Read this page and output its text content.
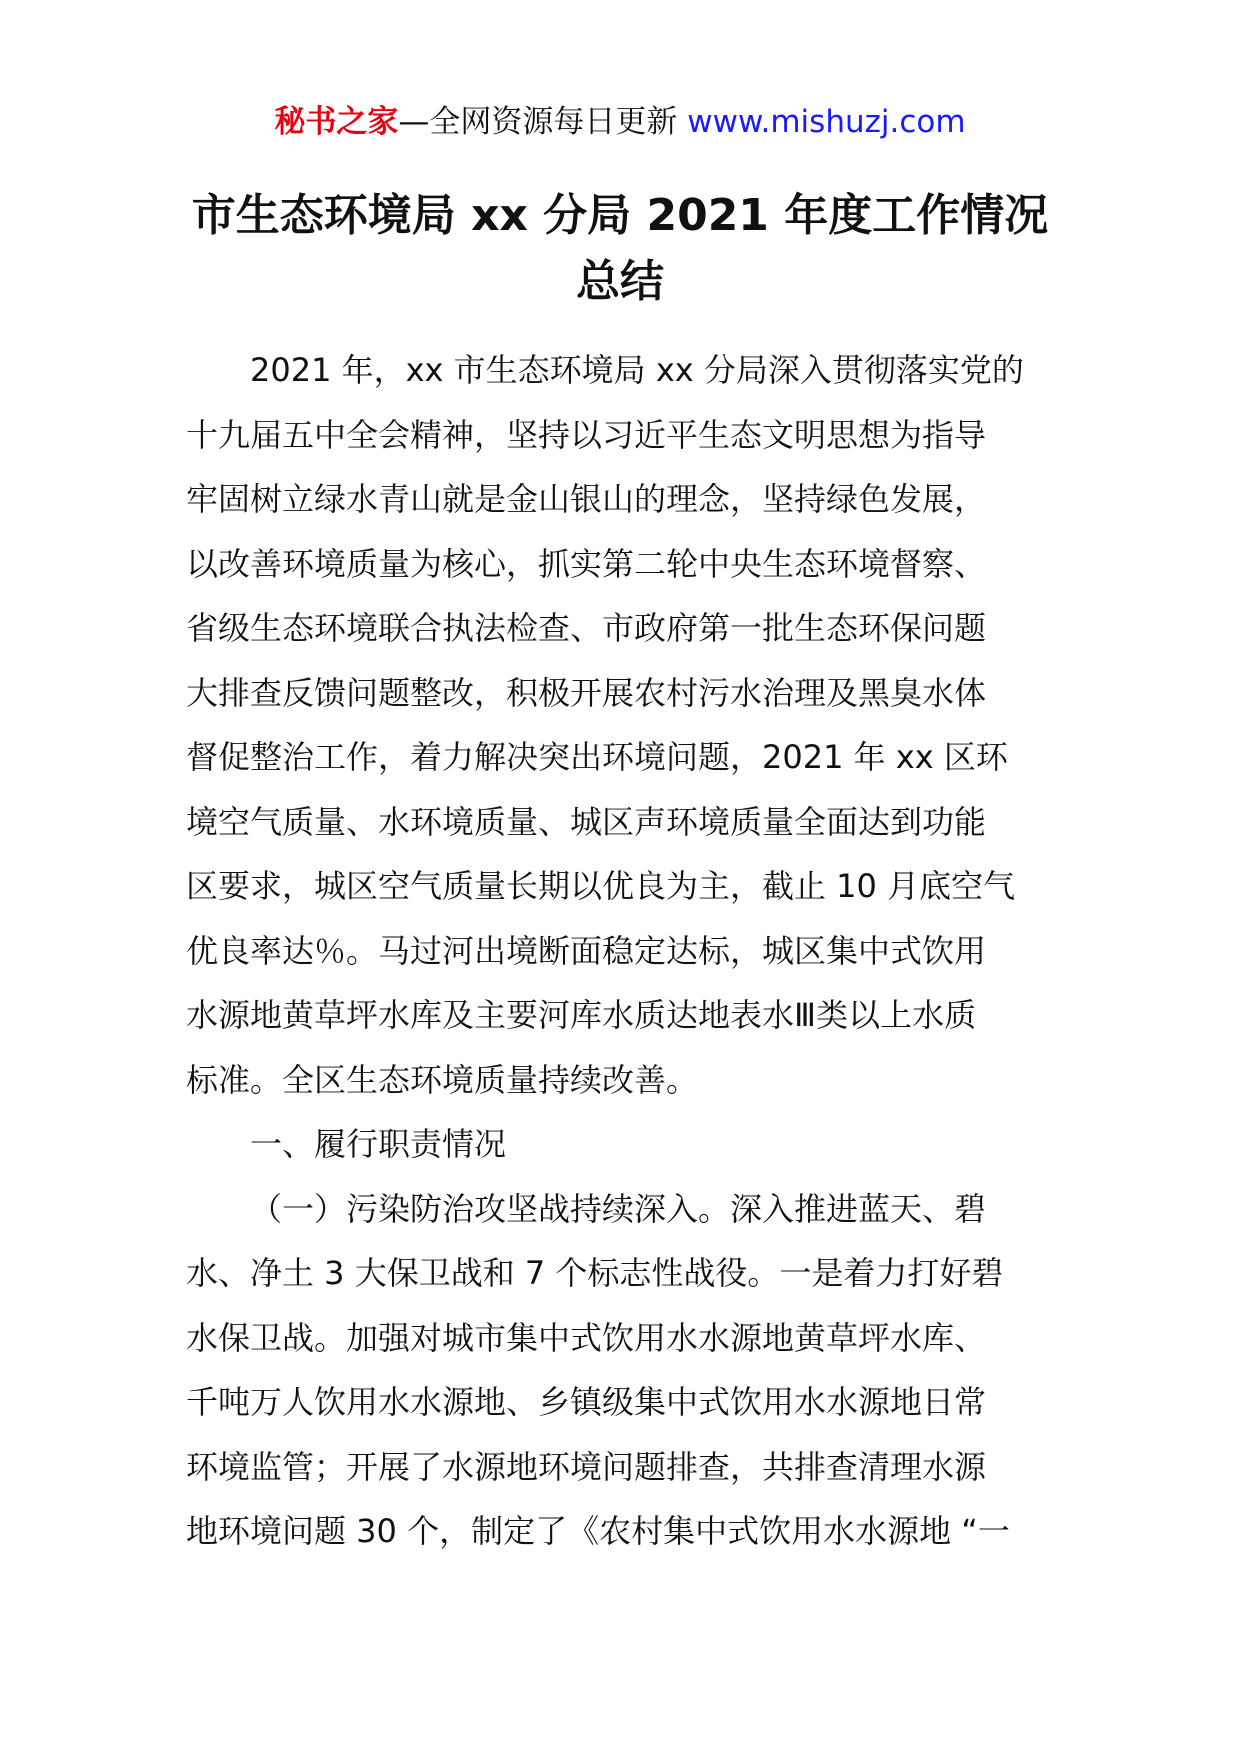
秘书之家—全网资源每日更新 www.mishuzj.com
市生态环境局 xx 分局 2021 年度工作情况
总结
2021 年，xx 市生态环境局 xx 分局深入贯彻落实党的
十九届五中全会精神，坚持以习近平生态文明思想为指导
牢固树立绿水青山就是金山银山的理念，坚持绿色发展，
以改善环境质量为核心，抓实第二轮中央生态环境督察、
省级生态环境联合执法检查、市政府第一批生态环保问题
大排查反馈问题整改，积极开展农村污水治理及黑臭水体
督促整治工作，着力解决突出环境问题，2021 年 xx 区环
境空气质量、水环境质量、城区声环境质量全面达到功能
区要求，城区空气质量长期以优良为主，截止 10 月底空气
优良率达％。马过河出境断面稳定达标，城区集中式饮用
水源地黄草坪水库及主要河库水质达地表水Ⅲ类以上水质
标准。全区生态环境质量持续改善。
一、履行职责情况
（一）污染防治攻坚战持续深入。深入推进蓝天、碧
水、净土 3 大保卫战和 7 个标志性战役。一是着力打好碧
水保卫战。加强对城市集中式饮用水水源地黄草坪水库、
千吨万人饮用水水源地、乡镇级集中式饮用水水源地日常
环境监管；开展了水源地环境问题排查，共排查清理水源
地环境问题 30 个，制定了《农村集中式饮用水水源地 “一
